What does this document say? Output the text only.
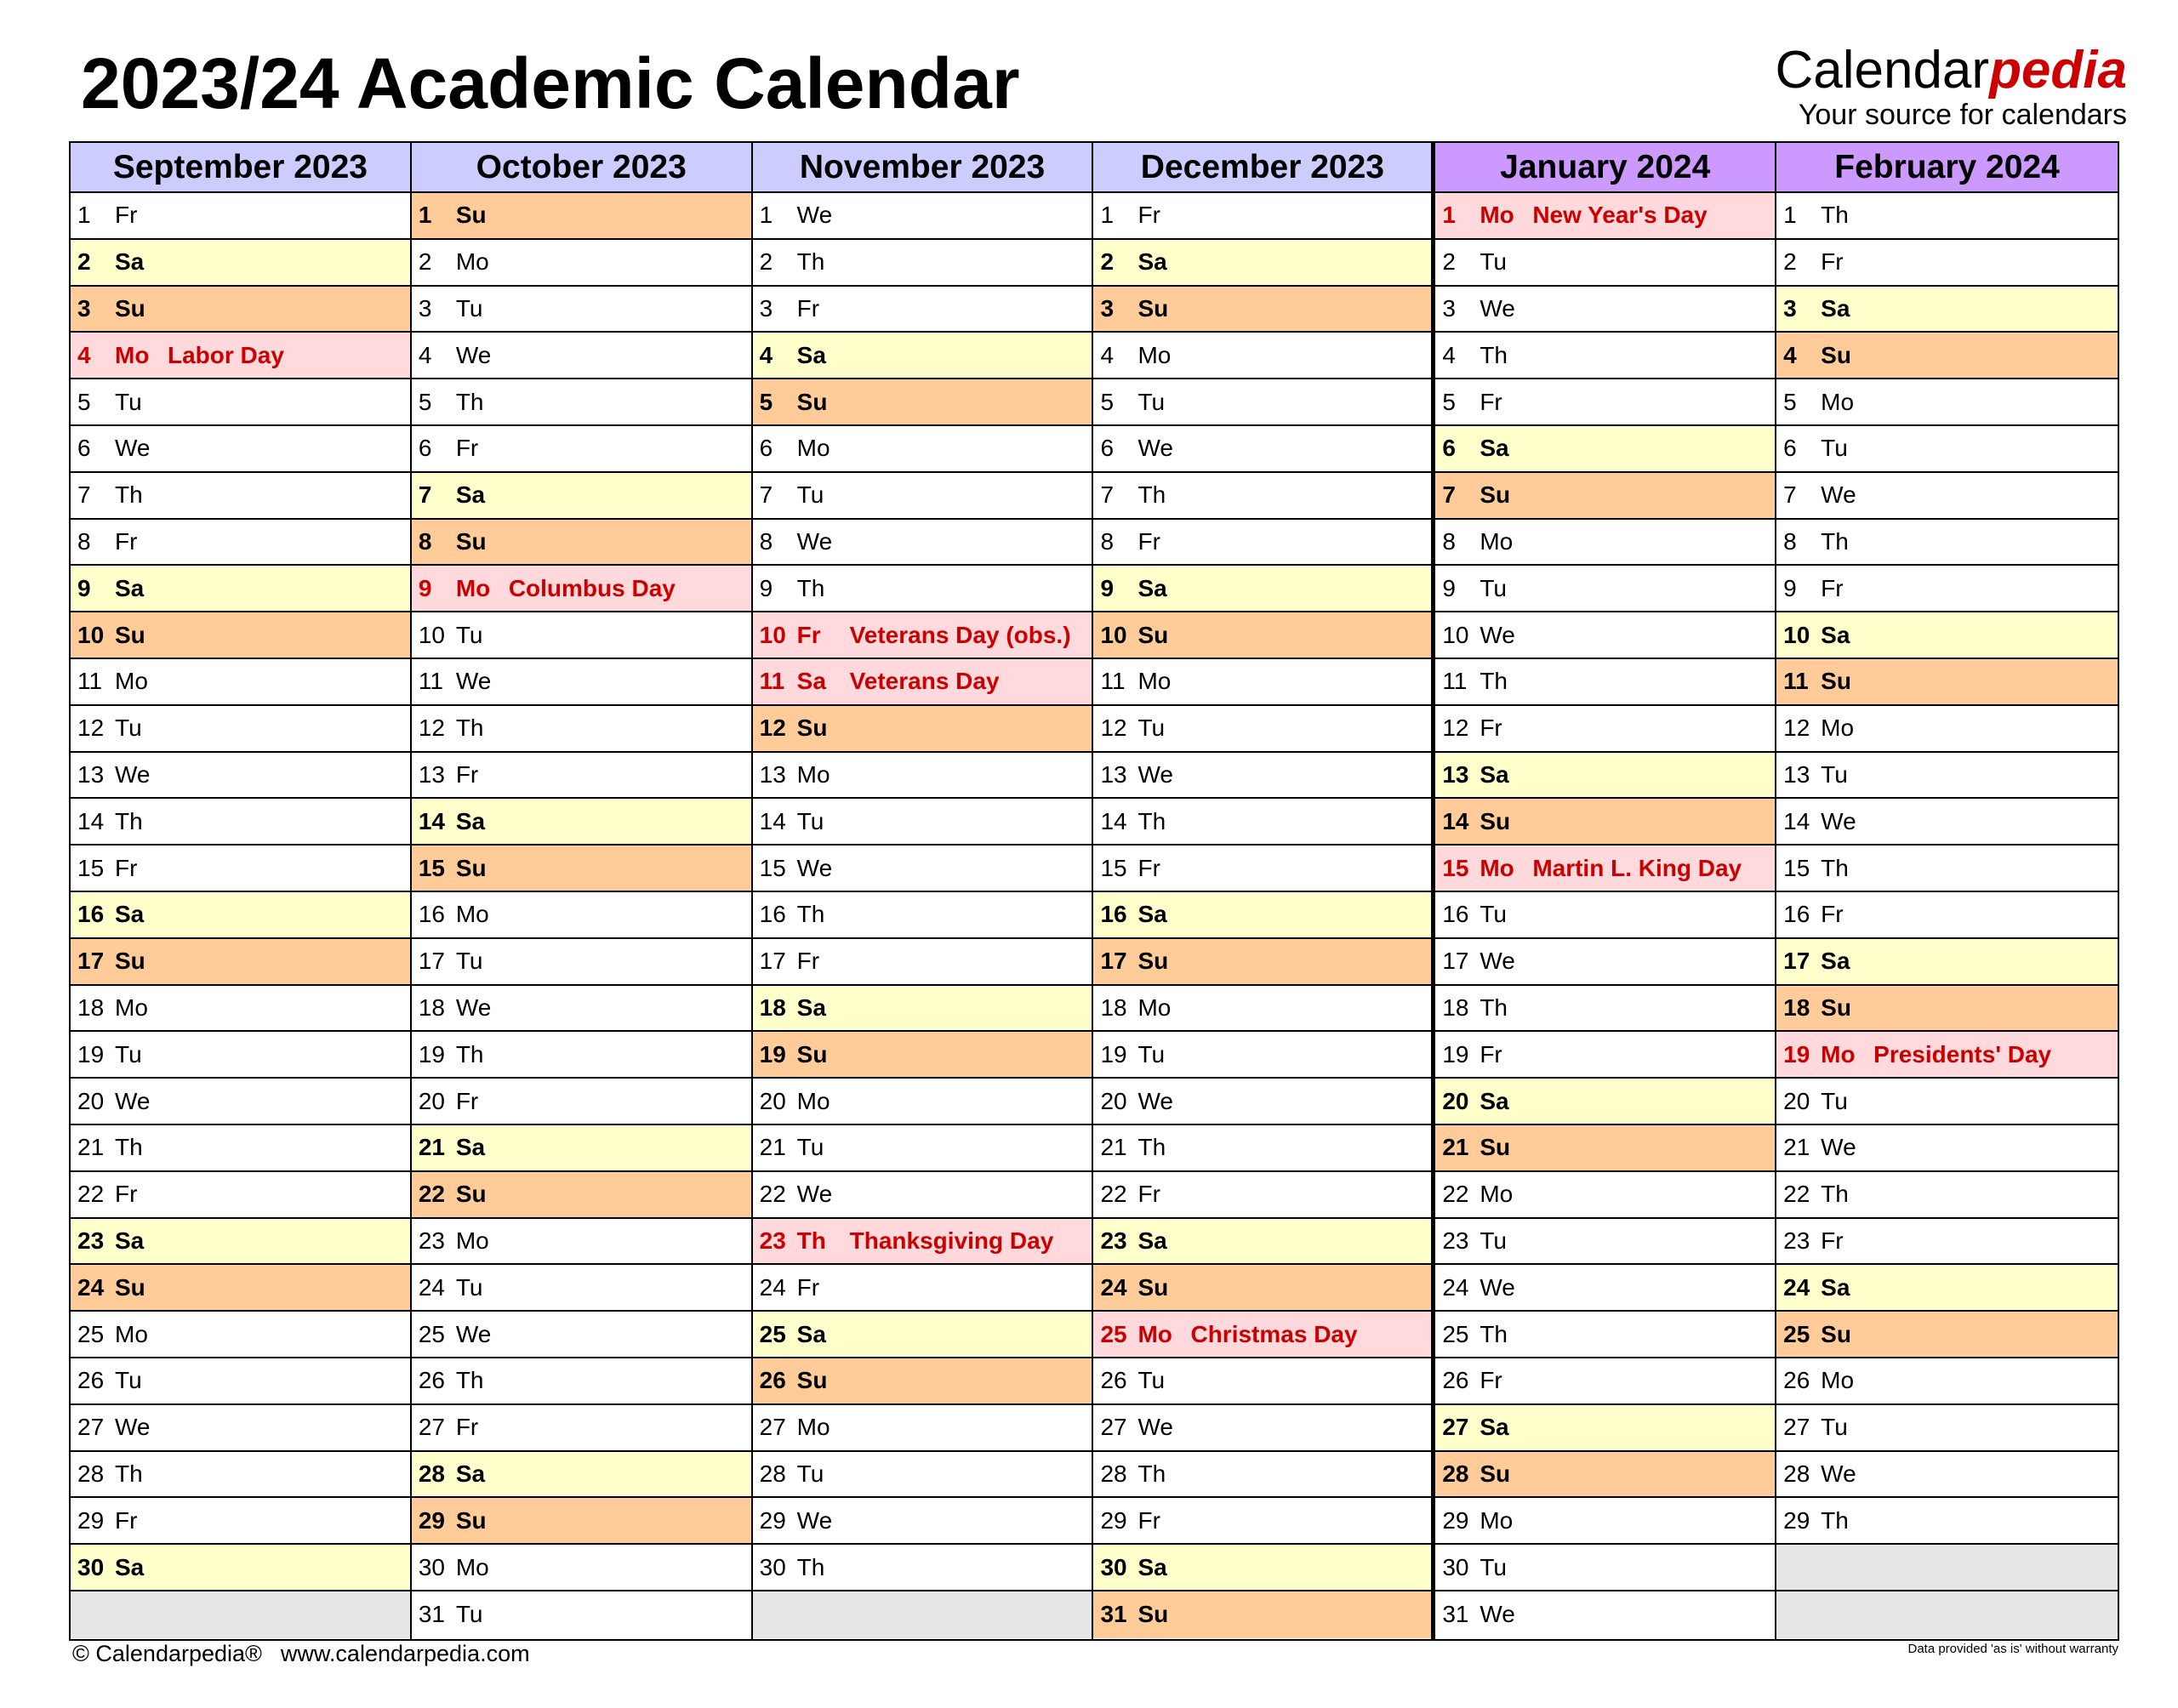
2023/24 Academic Calendar	Calendarpedia
Your source for calendars
September 2023
1	Fr
2	Sa
3	Su
4	Mo Labor Day
5	Tu
6	We
7	Th
8	Fr
9	Sa
10 Su
11 Mo
12 Tu
13 We
14 Th
15 Fr
16 Sa
17 Su
18 Mo
19 Tu
20 We
21 Th
22 Fr
23 Sa
24 Su
25 Mo
26 Tu
27 We
28 Th
29 Fr
30 Sa
October 2023
1	Su
2	Mo
3	Tu
4	We
5	Th
6	Fr
7	Sa
8	Su
9	Mo Columbus Day
10 Tu
11 We
12 Th
13 Fr
14 Sa
15 Su
16 Mo
17 Tu
18 We
19 Th
20 Fr
21 Sa
22 Su
23 Mo
24 Tu
25 We
26 Th
27 Fr
28 Sa
29 Su
30 Mo
31 Tu
November 2023
1	We
2	Th
3	Fr
4	Sa
5	Su
6	Mo
7	Tu
8	We
9	Th
10 Fr	Veterans Day (obs.)
11 Sa Veterans Day
12 Su
13 Mo
14 Tu
15 We
16 Th
17 Fr
18 Sa
19 Su
20 Mo
21 Tu
22 We
23 Th Thanksgiving Day
24 Fr
25 Sa
26 Su
27 Mo
28 Tu
29 We
30 Th
December 2023
1	Fr
2	Sa
3	Su
4	Mo
5	Tu
6	We
7	Th
8	Fr
9	Sa
10 Su
11 Mo
12 Tu
13 We
14 Th
15 Fr
16 Sa
17 Su
18 Mo
19 Tu
20 We
21 Th
22 Fr
23 Sa
24 Su
25 Mo Christmas Day
26 Tu
27 We
28 Th
29 Fr
30 Sa
31 Su
January 2024
1	Mo New Year's Day
2	Tu
3	We
4	Th
5	Fr
6	Sa
7	Su
8	Mo
9	Tu
10 We
11 Th
12 Fr
13 Sa
14 Su
15 Mo Martin L. King Day
16 Tu
17 We
18 Th
19 Fr
20 Sa
21 Su
22 Mo
23 Tu
24 We
25 Th
26 Fr
27 Sa
28 Su
29 Mo
30 Tu
31 We
February 2024
1	Th
2	Fr
3	Sa
4	Su
5	Mo
6	Tu
7	We
8	Th
9	Fr
10 Sa
11 Su
12 Mo
13 Tu
14 We
15 Th
16 Fr
17 Sa
18 Su
19 Mo Presidents' Day
20 Tu
21 We
22 Th
23 Fr
24 Sa
25 Su
26 Mo
27 Tu
28 We
29 Th
© Calendarpedia® www.calendarpedia.com	Data provided 'as is' without warranty
